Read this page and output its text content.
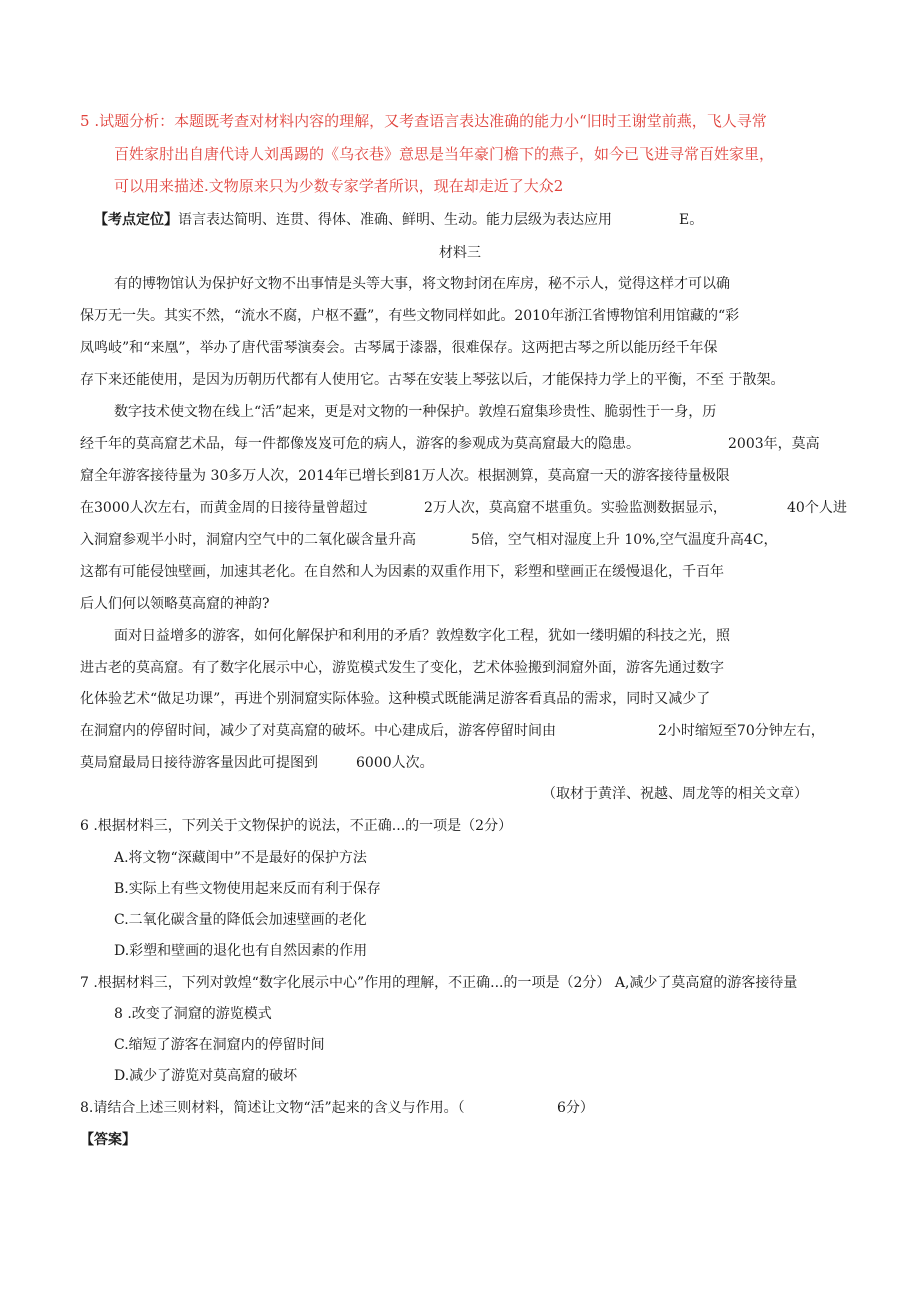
5 .试题分析：本题既考查对材料内容的理解，又考查语言表达准确的能力小“旧时王谢堂前燕，飞人寻常
百姓家肘出自唐代诗人刘禹踢的《乌衣巷》意思是当年豪门檐下的燕子，如今已飞进寻常百姓家里，
可以用来描述.文物原来只为少数专家学者所识，现在却走近了大众2
【考点定位】语言表达简明、连贯、得体、准确、鲜明、生动。能力层级为表达应用	E。
材料三
有的博物馆认为保护好文物不出事情是头等大事，将文物封闭在库房，秘不示人，觉得这样才可以确
保万无一失。其实不然，“流水不腐，户枢不蠹”，有些文物同样如此。2010年浙江省博物馆利用馆藏的“彩
凤鸣岐”和“来凰”，举办了唐代雷琴演奏会。古琴属于漆器，很难保存。这两把古琴之所以能历经千年保
存下来还能使用，是因为历朝历代都有人使用它。古琴在安装上琴弦以后，才能保持力学上的平衡，不至 于散架。
数字技术使文物在线上“活”起来，更是对文物的一种保护。敦煌石窟集珍贵性、脆弱性于一身，历
经千年的莫高窟艺术品，每一件都像岌岌可危的病人，游客的参观成为莫高窟最大的隐患。	2003年，莫高
窟全年游客接待量为 30多万人次，2014年已增长到81万人次。根据测算，莫高窟一天的游客接待量极限
在3000人次左右，而黄金周的日接待量曾超过	2万人次，莫高窟不堪重负。实验监测数据显示，	40个人进
入洞窟参观半小时，洞窟内空气中的二氧化碳含量升高	5倍，空气相对湿度上升 10%,空气温度升高4C，
这都有可能侵蚀壁画，加速其老化。在自然和人为因素的双重作用下，彩塑和壁画正在缓慢退化，千百年
后人们何以领略莫高窟的神韵?
面对日益增多的游客，如何化解保护和利用的矛盾？敦煌数字化工程，犹如一缕明媚的科技之光，照
进古老的莫高窟。有了数字化展示中心，游览模式发生了变化，艺术体验搬到洞窟外面，游客先通过数字
化体验艺术“做足功课”，再进个别洞窟实际体验。这种模式既能满足游客看真品的需求，同时又减少了
在洞窟内的停留时间，减少了对莫高窟的破坏。中心建成后，游客停留时间由	2小时缩短至70分钟左右，
莫局窟最局日接待游客量因此可提图到	6000人次。
（取材于黄洋、祝越、周龙等的相关文章）
6 .根据材料三，下列关于文物保护的说法，不正确...的一项是（2分）
A.将文物“深藏闺中”不是最好的保护方法
B.实际上有些文物使用起来反而有利于保存
C.二氧化碳含量的降低会加速壁画的老化
D.彩塑和壁画的退化也有自然因素的作用
7 .根据材料三，下列对敦煌“数字化展示中心”作用的理解，不正确...的一项是（2分） A,减少了莫高窟的游客接待量
8 .改变了洞窟的游览模式
C.缩短了游客在洞窟内的停留时间
D.减少了游览对莫高窟的破坏
8.请结合上述三则材料，简述让文物“活”起来的含义与作用。（	6分）
【答案】
